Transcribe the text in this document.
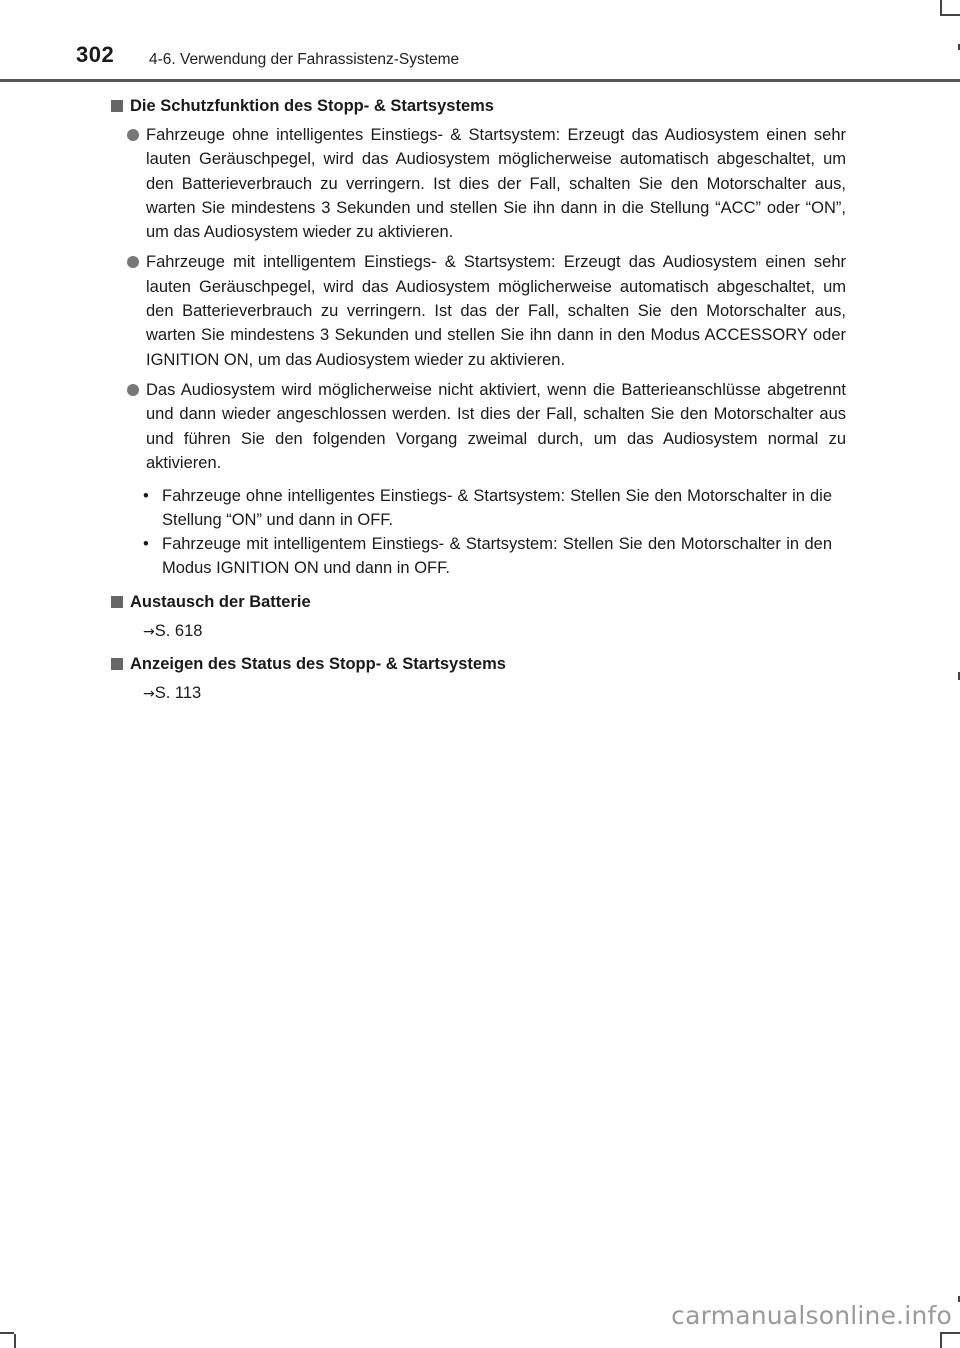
302 4-6. Verwendung der Fahrassistenz-Systeme
Die Schutzfunktion des Stopp- & Startsystems
Fahrzeuge ohne intelligentes Einstiegs- & Startsystem: Erzeugt das Audiosystem einen sehr lauten Geräuschpegel, wird das Audiosystem möglicherweise automatisch abgeschaltet, um den Batterieverbrauch zu verringern. Ist dies der Fall, schalten Sie den Motorschalter aus, warten Sie mindestens 3 Sekunden und stellen Sie ihn dann in die Stellung “ACC” oder “ON”, um das Audiosystem wieder zu aktivieren.
Fahrzeuge mit intelligentem Einstiegs- & Startsystem: Erzeugt das Audiosystem einen sehr lauten Geräuschpegel, wird das Audiosystem möglicherweise automatisch abgeschaltet, um den Batterieverbrauch zu verringern. Ist das der Fall, schalten Sie den Motorschalter aus, warten Sie mindestens 3 Sekunden und stellen Sie ihn dann in den Modus ACCESSORY oder IGNITION ON, um das Audiosystem wieder zu aktivieren.
Das Audiosystem wird möglicherweise nicht aktiviert, wenn die Batterieanschlüsse abgetrennt und dann wieder angeschlossen werden. Ist dies der Fall, schalten Sie den Motorschalter aus und führen Sie den folgenden Vorgang zweimal durch, um das Audiosystem normal zu aktivieren.
• Fahrzeuge ohne intelligentes Einstiegs- & Startsystem: Stellen Sie den Motorschalter in die Stellung “ON” und dann in OFF.
• Fahrzeuge mit intelligentem Einstiegs- & Startsystem: Stellen Sie den Motorschalter in den Modus IGNITION ON und dann in OFF.
Austausch der Batterie
→S. 618
Anzeigen des Status des Stopp- & Startsystems
→S. 113
carmanualsonline.info
